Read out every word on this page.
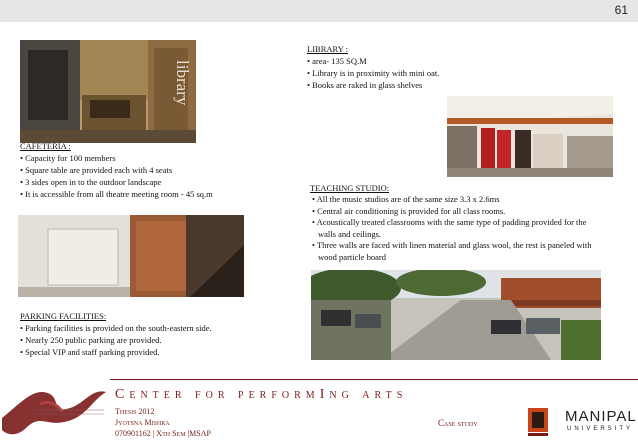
61
library
LIBRARY :
• area- 135 SQ.M
• Library is in proximity with mini oat.
• Books are raked in glass shelves
CAFETERIA :
• Capacity for 100 members
• Square table are provided each with 4 seats
• 3 sides open in to the outdoor landscape
• It is accessible from all theatre meeting room - 45 sq.m
TEACHING STUDIO:
• All the music studios are of the same size 3.3 x 2.6ms
• Central air conditioning is provided for all class rooms.
• Acoustically treated classrooms with the same type of padding provided for the walls and ceilings.
• Three walls are faced with linen material and glass wool, the rest is paneled with wood particle board
PARKING FACILITIES:
• Parking facilities is provided on the south-eastern side.
• Nearly 250 public parking are provided.
• Special VIP and staff parking provided.
Center for performIng arts
Thesis 2012
Jyotsna Mishra
070901162 | Xth Sem |MSAP
Case study	MANIPAL
UNIVERSITY
